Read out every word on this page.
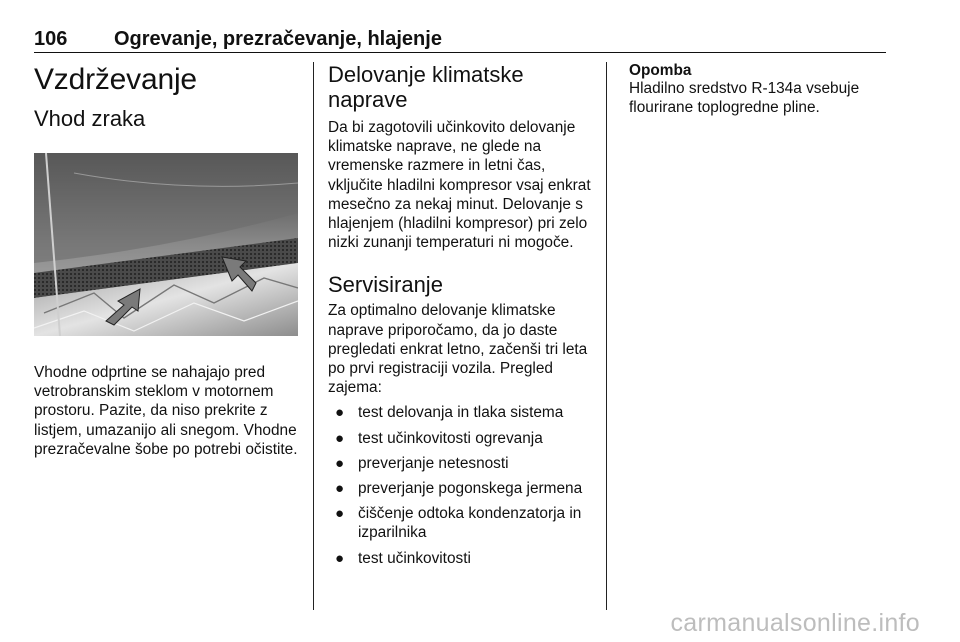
106 Ogrevanje, prezračevanje, hlajenje
Vzdrževanje
Vhod zraka

Vhodne odprtine se nahajajo pred vetrobranskim steklom v motornem prostoru. Pazite, da niso prekrite z listjem, umazanijo ali snegom. Vhodne prezračevalne šobe po potrebi očistite.

Delovanje klimatske naprave

Da bi zagotovili učinkovito delovanje klimatske naprave, ne glede na vremenske razmere in letni čas, vključite hladilni kompresor vsaj enkrat mesečno za nekaj minut. Delovanje s hlajenjem (hladilni kompresor) pri zelo nizki zunanji temperaturi ni mogoče.

Servisiranje

Za optimalno delovanje klimatske naprave priporočamo, da jo daste pregledati enkrat letno, začenši tri leta po prvi registraciji vozila. Pregled zajema:

● test delovanja in tlaka sistema
● test učinkovitosti ogrevanja
● preverjanje netesnosti
● preverjanje pogonskega jermena
● čiščenje odtoka kondenzatorja in izparilnika
● test učinkovitosti
Opomba

Hladilno sredstvo R-134a vsebuje flourirane toplogredne pline.

carmanualsonline.info
